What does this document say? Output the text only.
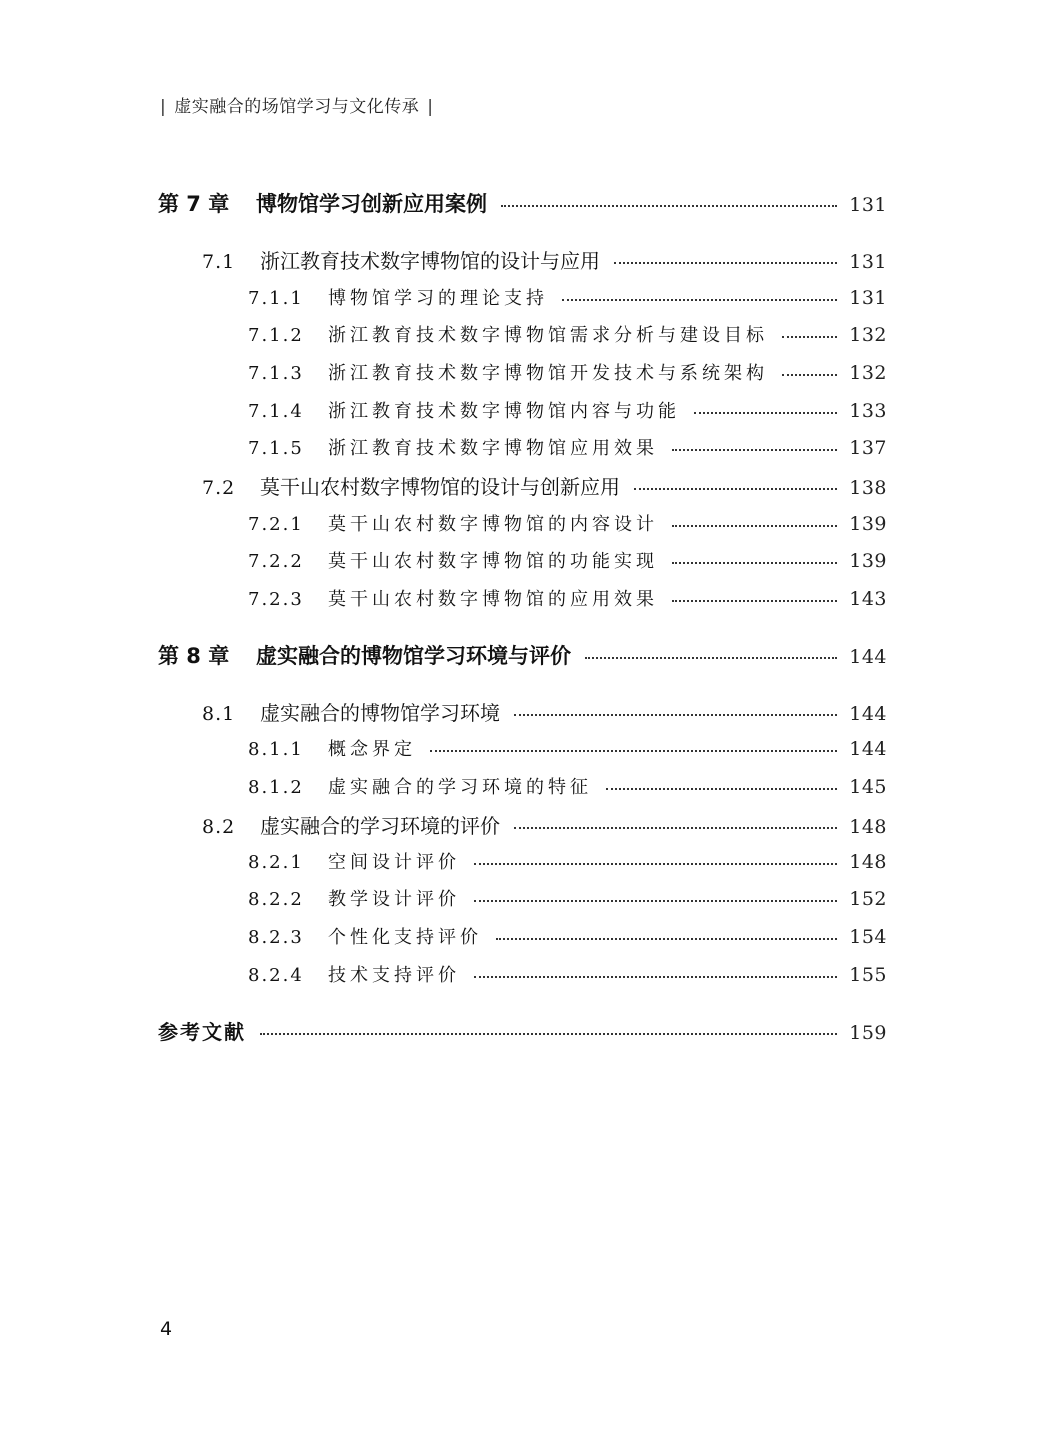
| 虚实融合的场馆学习与文化传承 |
第 7 章	博物馆学习创新应用案例	131
7.1	浙江教育技术数字博物馆的设计与应用	131
7.1.1	博物馆学习的理论支持	131
7.1.2	浙江教育技术数字博物馆需求分析与建设目标	132
7.1.3	浙江教育技术数字博物馆开发技术与系统架构	132
7.1.4	浙江教育技术数字博物馆内容与功能	133
7.1.5	浙江教育技术数字博物馆应用效果	137
7.2	莫干山农村数字博物馆的设计与创新应用	138
7.2.1	莫干山农村数字博物馆的内容设计	139
7.2.2	莫干山农村数字博物馆的功能实现	139
7.2.3	莫干山农村数字博物馆的应用效果	143
第 8 章	虚实融合的博物馆学习环境与评价	144
8.1	虚实融合的博物馆学习环境	144
8.1.1	概念界定	144
8.1.2	虚实融合的学习环境的特征	145
8.2	虚实融合的学习环境的评价	148
8.2.1	空间设计评价	148
8.2.2	教学设计评价	152
8.2.3	个性化支持评价	154
8.2.4	技术支持评价	155
参考文献	159
4
